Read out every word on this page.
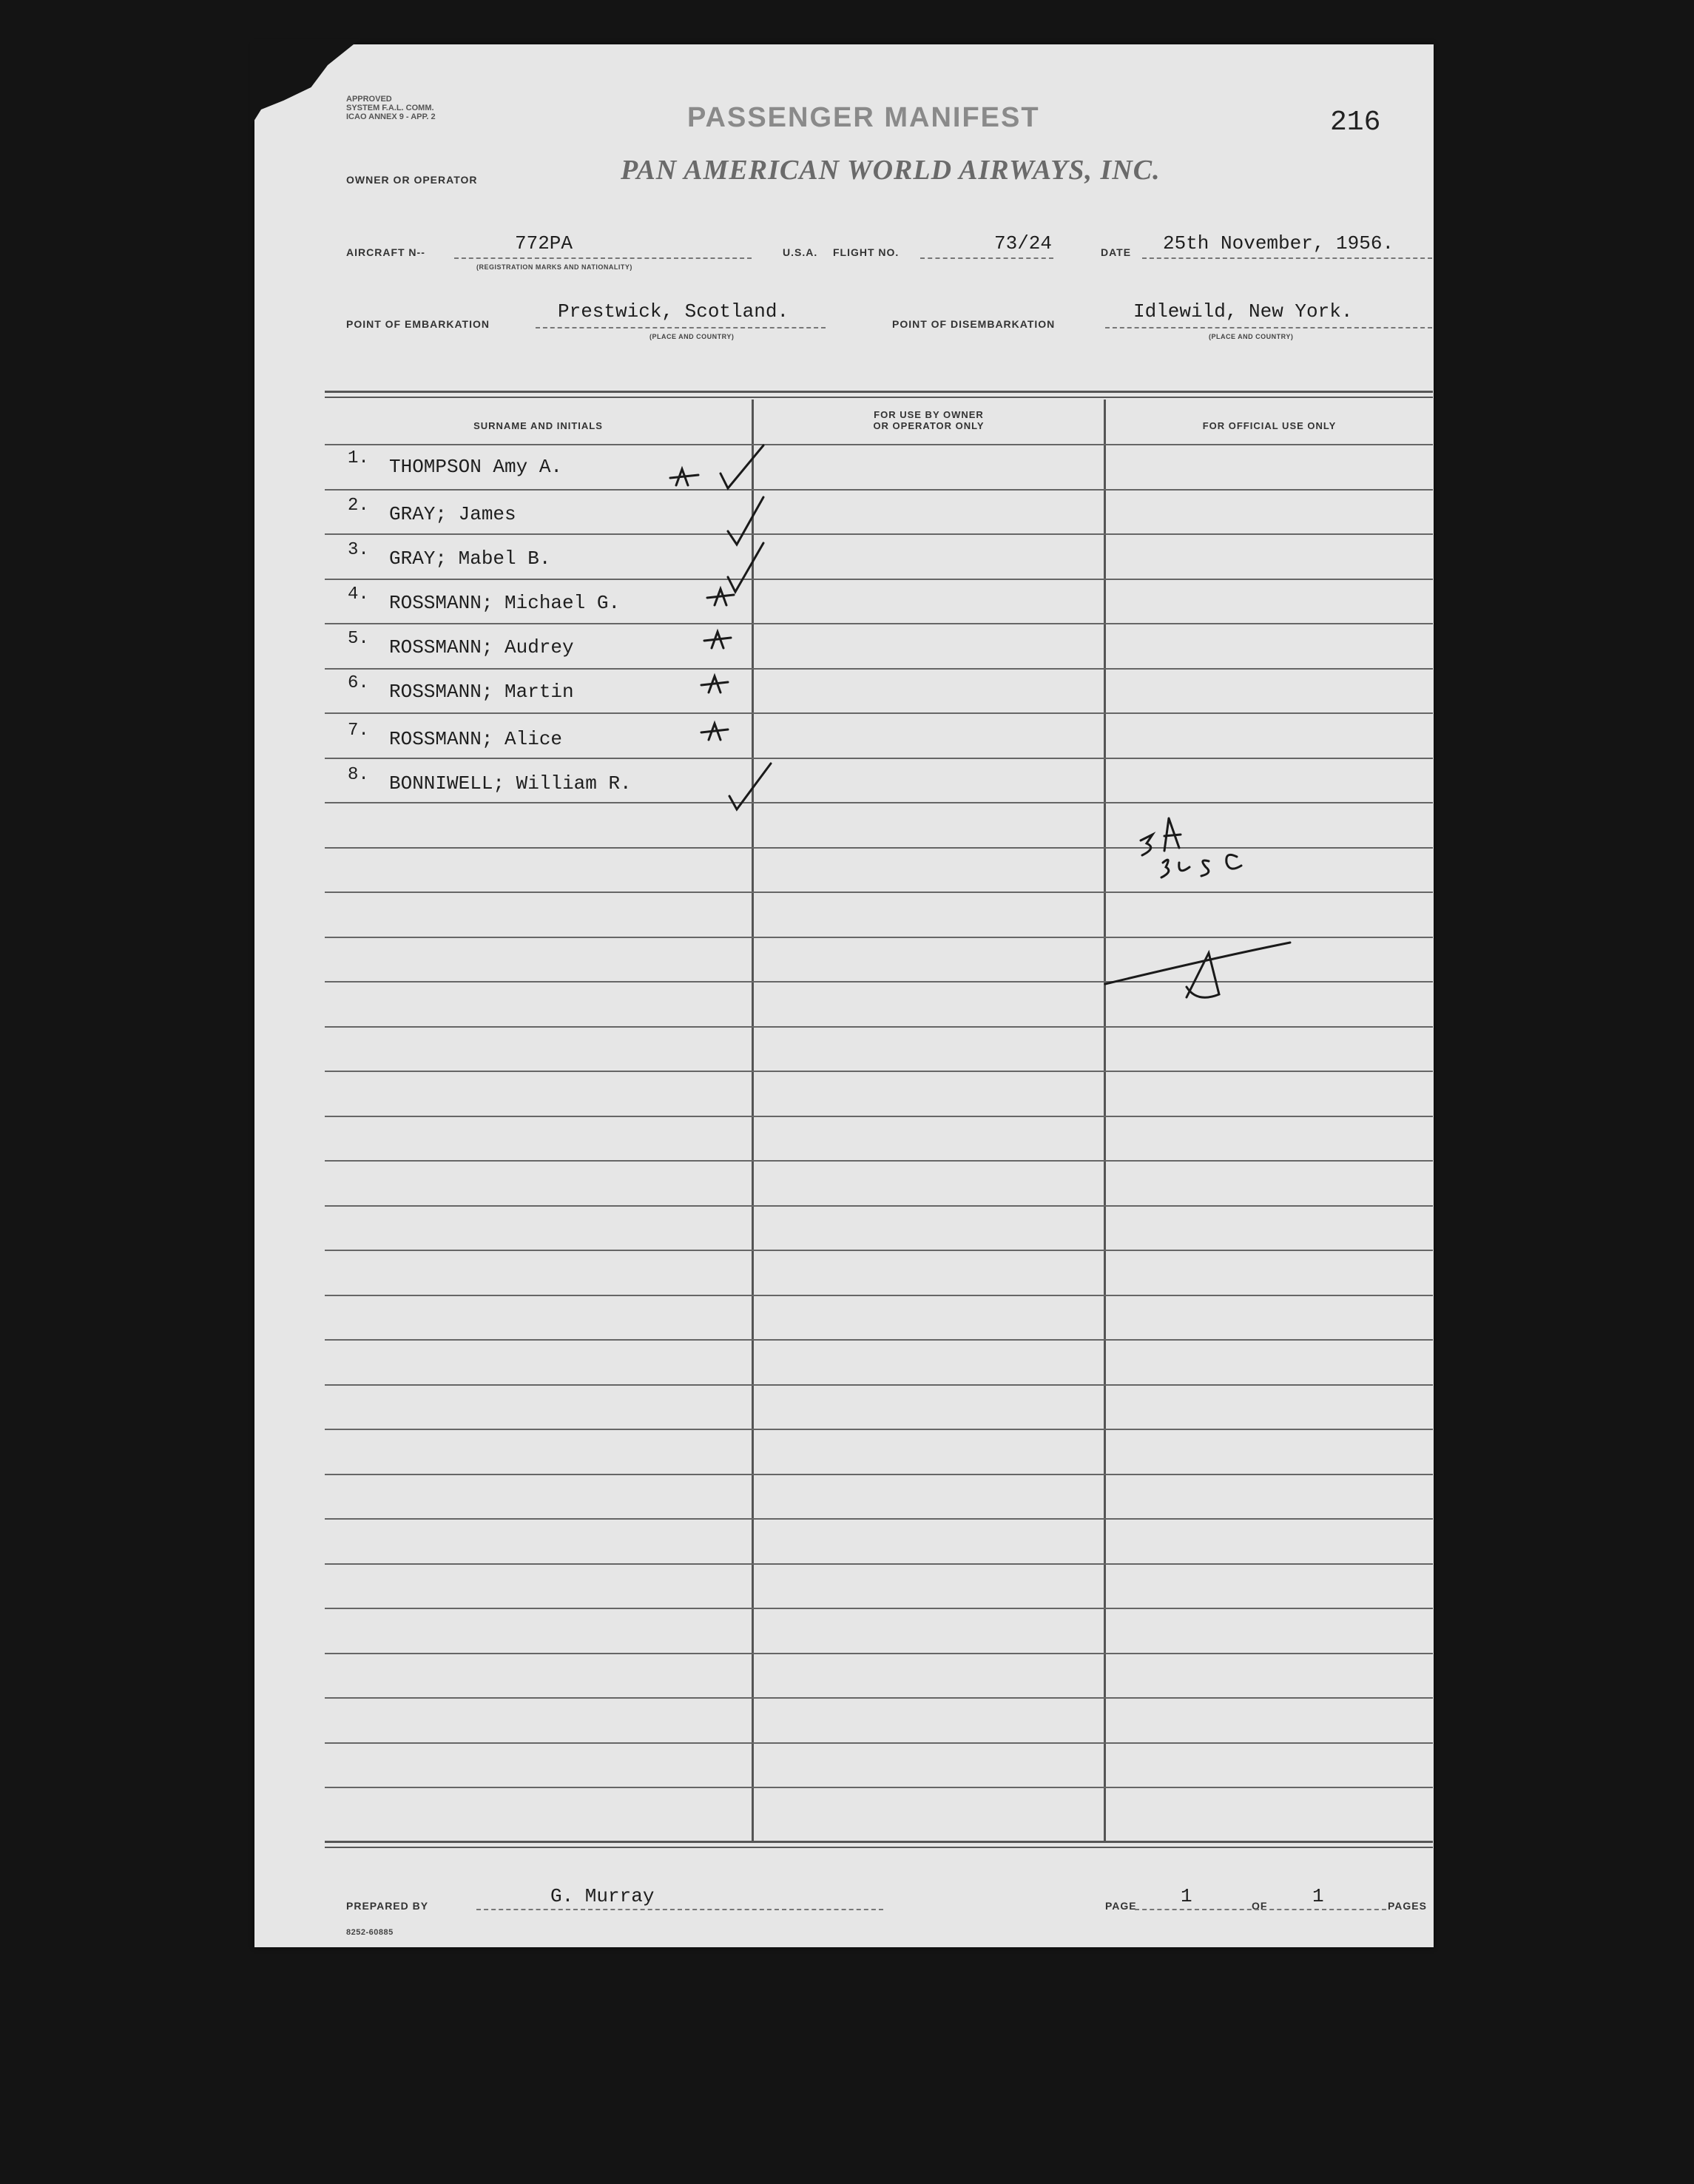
APPROVED
SYSTEM F.A.L. COMM.
ICAO ANNEX 9 - APP. 2	PASSENGER MANIFEST	216
OWNER OR OPERATOR	PAN AMERICAN WORLD AIRWAYS, INC.
AIRCRAFT N--	772PA
(REGISTRATION MARKS AND NATIONALITY)
U.S.A. FLIGHT NO.	73/24	DATE 25th November, 1956.
POINT OF EMBARKATION
Prestwick, Scotland.
(PLACE AND COUNTRY)
POINT OF DISEMBARKATION
Idlewild, New York.
(PLACE AND COUNTRY)
SURNAME AND INITIALS
FOR USE BY OWNER
OR OPERATOR ONLY	FOR OFFICIAL USE ONLY
1. THOMPSON Amy A.
2. GRAY; James
3. GRAY; Mabel B.
4. ROSSMANN; Michael G.
5. ROSSMANN; Audrey
6. ROSSMANN; Martin
7. ROSSMANN; Alice
8. BONNIWELL; William R.
PREPARED BY	G. Murray	PAGE 1	OF 1	PAGES
8252-60885
